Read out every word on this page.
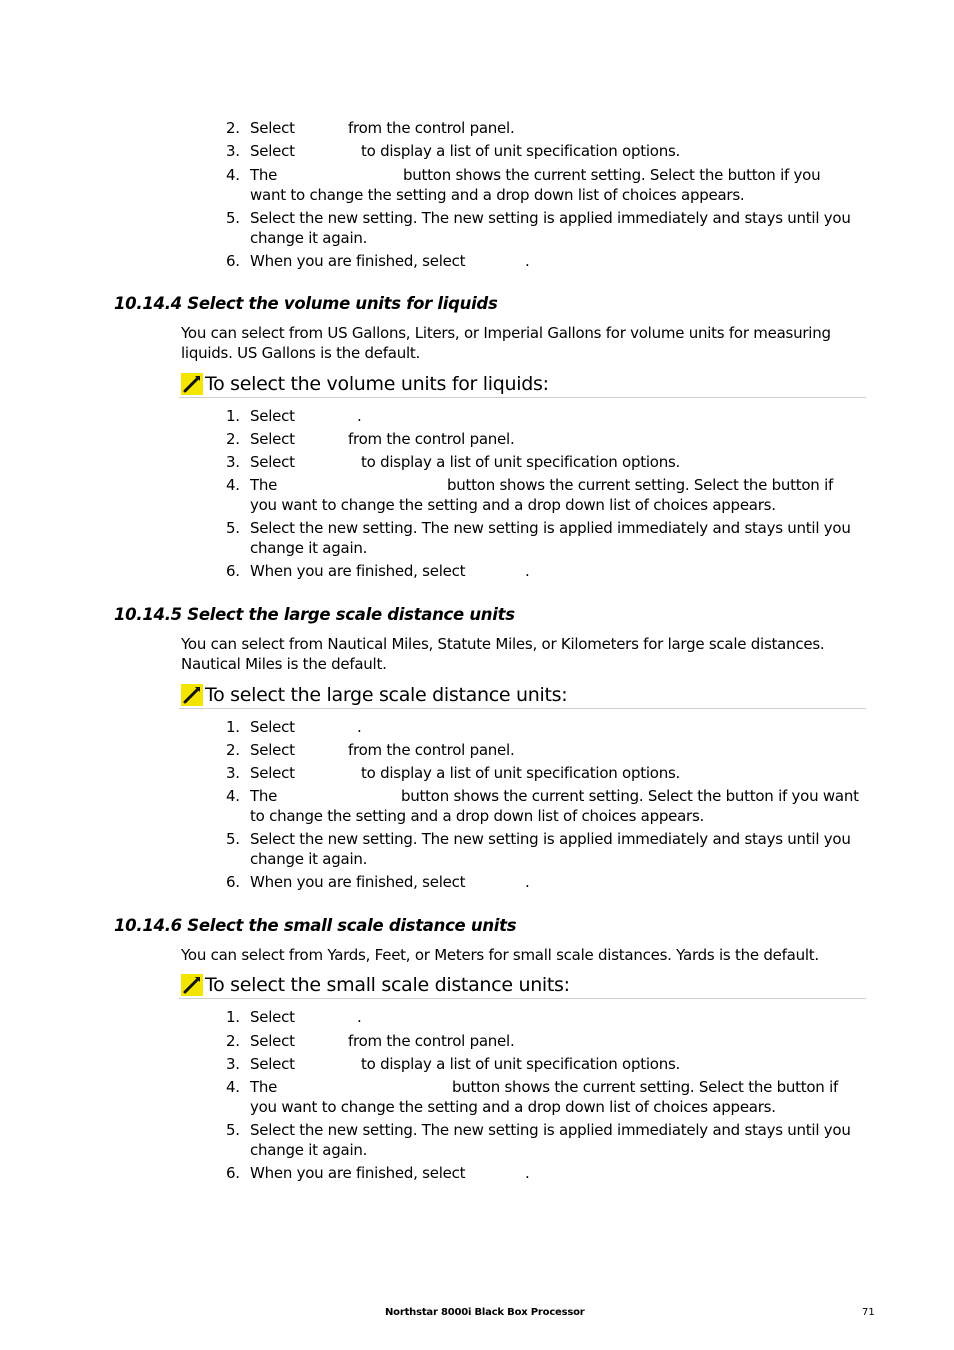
2. Select	from the control panel.
3. Select	to display a list of unit specification options.
4. The	button shows the current setting. Select the button if you
want to change the setting and a drop down list of choices appears.
5. Select the new setting. The new setting is applied immediately and stays until you
change it again.
6. When you are finished, select	.
10.14.4 Select the volume units for liquids
You can select from US Gallons, Liters, or Imperial Gallons for volume units for measuring
liquids. US Gallons is the default.
To select the volume units for liquids:
1. Select	.
2. Select	from the control panel.
3. Select	to display a list of unit specification options.
4. The	button shows the current setting. Select the button if
you want to change the setting and a drop down list of choices appears.
5. Select the new setting. The new setting is applied immediately and stays until you
change it again.
6. When you are finished, select	.
10.14.5 Select the large scale distance units
You can select from Nautical Miles, Statute Miles, or Kilometers for large scale distances.
Nautical Miles is the default.
To select the large scale distance units:
1. Select	.
2. Select	from the control panel.
3. Select	to display a list of unit specification options.
4. The	button shows the current setting. Select the button if you want
to change the setting and a drop down list of choices appears.
5. Select the new setting. The new setting is applied immediately and stays until you
change it again.
6. When you are finished, select	.
10.14.6 Select the small scale distance units
You can select from Yards, Feet, or Meters for small scale distances. Yards is the default.
To select the small scale distance units:
1. Select	.
2. Select	from the control panel.
3. Select	to display a list of unit specification options.
4. The	button shows the current setting. Select the button if
you want to change the setting and a drop down list of choices appears.
5. Select the new setting. The new setting is applied immediately and stays until you
change it again.
6. When you are finished, select	.
Northstar 8000i Black Box Processor	71
